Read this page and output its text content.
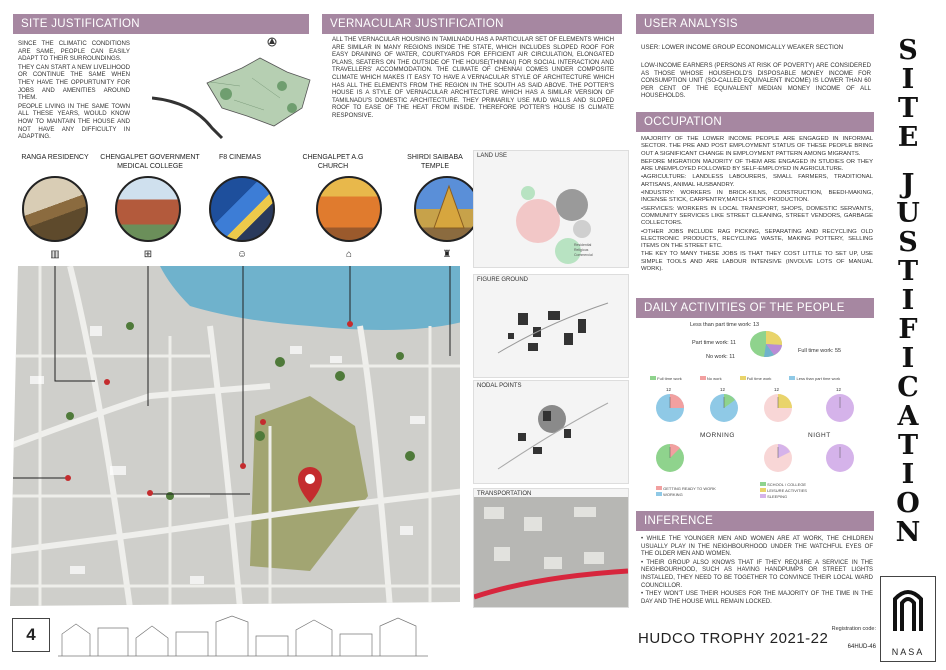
SITE JUSTIFICATION

SINCE THE CLIMATIC CONDITIONS ARE SAME, PEOPLE CAN EASILY ADAPT TO THEIR SURROUNDINGS.

THEY CAN START A NEW LIVELIHOOD OR CONTINUE THE SAME WHEN THEY HAVE THE OPPURTUNITY FOR JOBS AND AMENITIES AROUND THEM.

PEOPLE LIVING IN THE SAME TOWN ALL THESE YEARS, WOULD KNOW HOW TO MAINTAIN THE HOUSE AND NOT HAVE ANY DIFFICULTY IN ADAPTING.

VERNACULAR JUSTIFICATION
ALL THE VERNACULAR HOUSING IN TAMILNADU HAS A PARTICULAR SET OF ELEMENTS WHICH ARE SIMILAR IN MANY REGIONS INSIDE THE STATE, WHICH INCLUDES SLOPED ROOF FOR EASY DRAINING OF WATER, COURTYARDS FOR EFFICIENT AIR CIRCULATION, ELONGATED PLANS, SEATERS ON THE OUTSIDE OF THE HOUSE(THINNAI) FOR SOCIAL INTERACTION AND TRAVELLERS' ACCOMMODATION. THE CLIMATE OF CHENNAI COMES UNDER COMPOSITE CLIMATE WHICH MAKES IT EASY TO HAVE A VERNACULAR STYLE OF ARCHITECTURE WHICH HAS ALL THE ELEMENTS FROM THE REGION IN THE SOUTH AS SAID ABOVE. THE POTTER'S HOUSE IS A STYLE OF VERNACULAR ARCHITECTURE WHICH HAS A SIMILAR VERSION OF TAMILNADU'S DOMESTIC ARCHITECTURE. THEY PRIMARILY USE MUD WALLS AND SLOPED ROOF TO EASE OF THE HEAT FROM INSIDE. THEREFORE POTTER'S HOUSE IS CLIMATE RESPONSIVE.
RANGA RESIDENCY	CHENGALPET GOVERNMENT MEDICAL COLLEGE
F8 CINEMAS	CHENGALPET A.G CHURCH
SHIRDI SAIBABA TEMPLE
▥	⊞	☺	⌂	♜
LAND USE
Residential
Religious
Commercial
FIGURE GROUND
NODAL POINTS
TRANSPORTATION
USER ANALYSIS
USER: LOWER INCOME GROUP ECONOMICALLY WEAKER SECTION
LOW-INCOME EARNERS (PERSONS AT RISK OF POVERTY) ARE CONSIDERED AS THOSE WHOSE HOUSEHOLD'S DISPOSABLE MONEY INCOME FOR CONSUMPTION UNIT (SO-CALLED EQUIVALENT INCOME) IS LOWER THAN 60 PER CENT OF THE EQUIVALENT MEDIAN MONEY INCOME OF ALL HOUSEHOLDS.
OCCUPATION

MAJORITY OF THE LOWER INCOME PEOPLE ARE ENGAGED IN INFORMAL SECTOR. THE PRE AND POST EMPLOYMENT STATUS OF THESE PEOPLE BRING OUT A SIGNIFICANT CHANGE IN EMPLOYMENT PATTERN AMONG MIGRANTS.

BEFORE MIGRATION MAJORITY OF THEM ARE ENGAGED IN STUDIES OR THEY ARE UNEMPLOYED FOLLOWED BY SELF-EMPLOYED IN AGRICULTURE.

•AGRICULTURE: LANDLESS LABOURERS, SMALL FARMERS, TRADITIONAL ARTISANS, ANIMAL HUSBANDRY.

•INDUSTRY: WORKERS IN BRICK-KILNS, CONSTRUCTION, BEEDI-MAKING, INCENSE STICK, CARPENTRY,MATCH STICK PRODUCTION.

•SERVICES: WORKERS IN LOCAL TRANSPORT, SHOPS, DOMESTIC SERVANTS, COMMUNITY SERVICES LIKE STREET CLEANING, STREET VENDORS, GARBAGE COLLECTORS.

•OTHER JOBS INCLUDE RAG PICKING, SEPARATING AND RECYCLING OLD ELECTRONIC PRODUCTS, RECYCLING WASTE, MAKING POTTERY, SELLING ITEMS ON THE STREET ETC.

THE KEY TO MANY THESE JOBS IS THAT THEY COST LITTLE TO SET UP, USE SIMPLE TOOLS AND ARE LABOUR INTENSIVE (INVOLVE LOTS OF MANUAL WORK).

DAILY ACTIVITIES OF THE PEOPLE
Less than part time work: 13
Part time work: 11
No work: 11
Full time work: 55
Full time work	No work	Full time work	Less than part time work
12	12	12	12
MORNING	NIGHT
GETTING READY TO WORK
WORKING
SCHOOL / COLLEGE
LEISURE ACTIVITIES
SLEEPING
INFERENCE

• WHILE THE YOUNGER MEN AND WOMEN ARE AT WORK, THE CHILDREN USUALLY PLAY IN THE NEIGHBOURHOOD UNDER THE WATCHFUL EYES OF THE OLDER MEN AND WOMEN.

• THEIR GROUP ALSO KNOWS THAT IF THEY REQUIRE A SERVICE IN THE NEIGHBOURHOOD, SUCH AS HAVING HANDPUMPS OR STREET LIGHTS INSTALLED, THEY NEED TO BE TOGETHER TO CONVINCE THEIR LOCAL WARD COUNCILLOR.

• THEY WON'T USE THEIR HOUSES FOR THE MAJORITY OF THE TIME IN THE DAY AND THE HOUSE WILL REMAIN LOCKED.

S
I
T
E
J
U
S
T
I
F
I
C
A
T
I
O
N
4	HUDCO TROPHY 2021-22
Registration code:
64HUD-46	NASA
